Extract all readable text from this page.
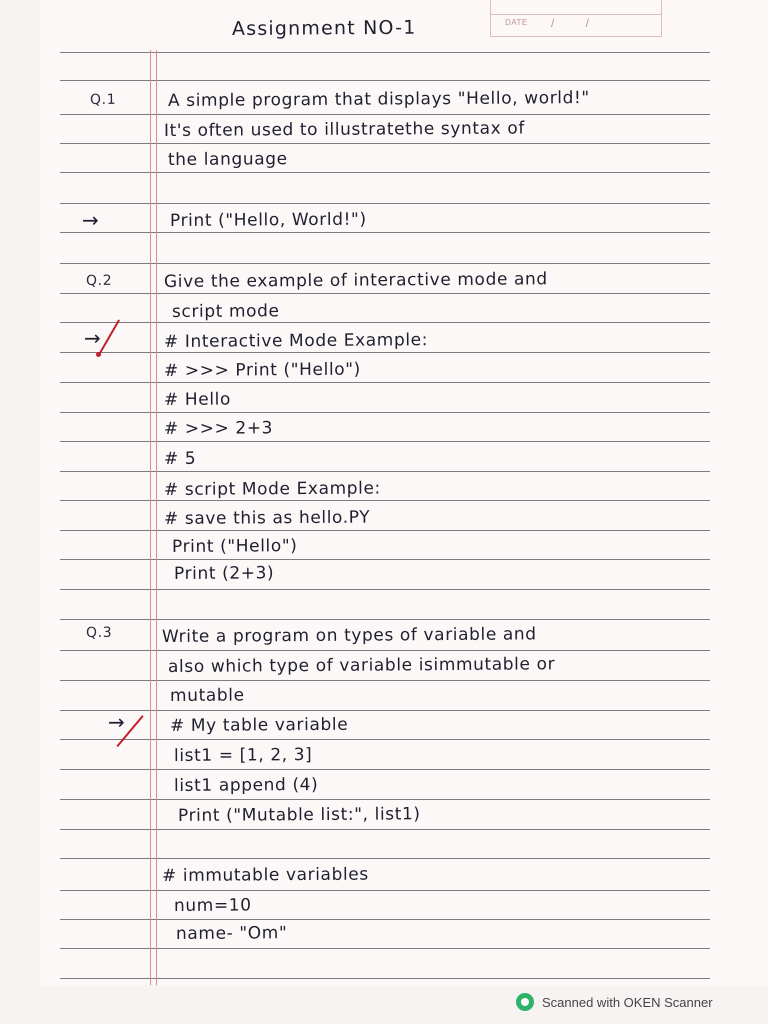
DATE / /
Assignment NO-1
Q.1	A simple program that displays "Hello, world!"
It's often used to illustratethe syntax of
the language
→	Print ("Hello, World!")
Q.2	Give the example of interactive mode and
script mode
→	# Interactive Mode Example:
# >>> Print ("Hello")
# Hello
# >>> 2+3
# 5
# script Mode Example:
# save this as hello.PY
Print ("Hello")
Print (2+3)
Q.3	Write a program on types of variable and
also which type of variable isimmutable or
mutable
→	# My table variable
list1 = [1, 2, 3]
list1 append (4)
Print ("Mutable list:", list1)
# immutable variables
num=10
name- "Om"
Scanned with OKEN Scanner
